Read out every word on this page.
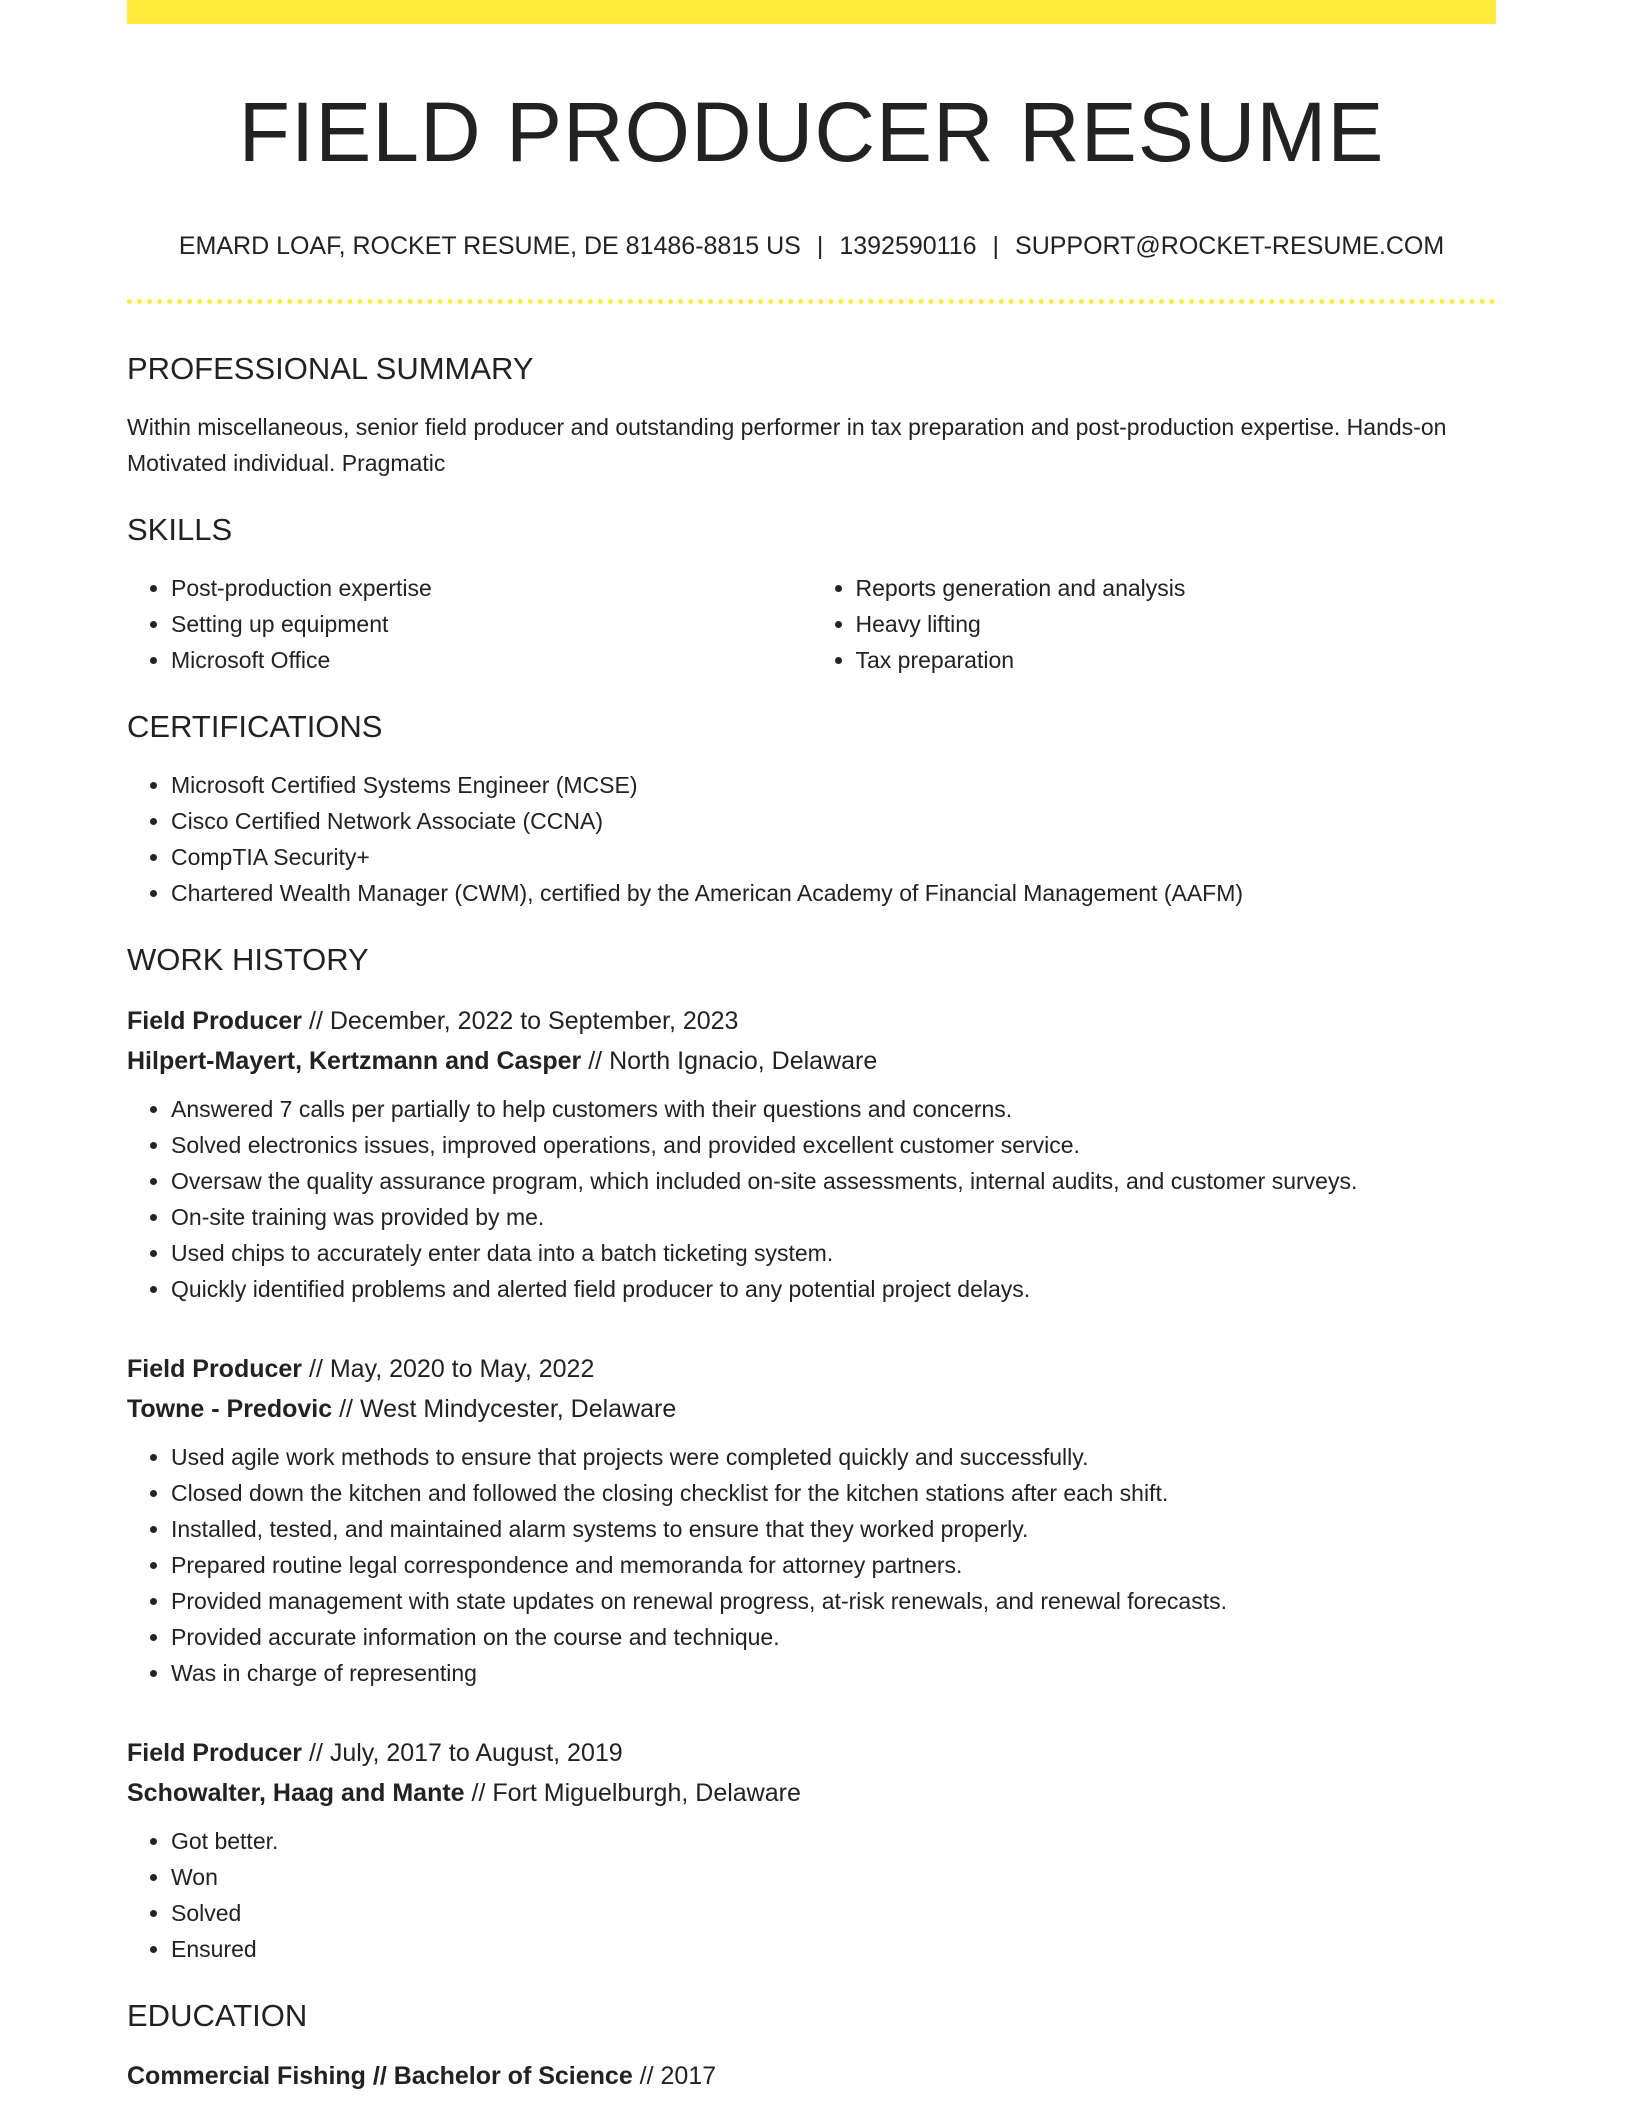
FIELD PRODUCER RESUME
EMARD LOAF, ROCKET RESUME, DE 81486-8815 US | 1392590116 | SUPPORT@ROCKET-RESUME.COM
PROFESSIONAL SUMMARY
Within miscellaneous, senior field producer and outstanding performer in tax preparation and post-production expertise. Hands-on Motivated individual. Pragmatic
SKILLS
• Post-production expertise
• Setting up equipment
• Microsoft Office
• Reports generation and analysis
• Heavy lifting
• Tax preparation
CERTIFICATIONS
• Microsoft Certified Systems Engineer (MCSE)
• Cisco Certified Network Associate (CCNA)
• CompTIA Security+
• Chartered Wealth Manager (CWM), certified by the American Academy of Financial Management (AAFM)
WORK HISTORY
Field Producer // December, 2022 to September, 2023
Hilpert-Mayert, Kertzmann and Casper // North Ignacio, Delaware
• Answered 7 calls per partially to help customers with their questions and concerns.
• Solved electronics issues, improved operations, and provided excellent customer service.
• Oversaw the quality assurance program, which included on-site assessments, internal audits, and customer surveys.
• On-site training was provided by me.
• Used chips to accurately enter data into a batch ticketing system.
• Quickly identified problems and alerted field producer to any potential project delays.
Field Producer // May, 2020 to May, 2022
Towne - Predovic // West Mindycester, Delaware
• Used agile work methods to ensure that projects were completed quickly and successfully.
• Closed down the kitchen and followed the closing checklist for the kitchen stations after each shift.
• Installed, tested, and maintained alarm systems to ensure that they worked properly.
• Prepared routine legal correspondence and memoranda for attorney partners.
• Provided management with state updates on renewal progress, at-risk renewals, and renewal forecasts.
• Provided accurate information on the course and technique.
• Was in charge of representing
Field Producer // July, 2017 to August, 2019
Schowalter, Haag and Mante // Fort Miguelburgh, Delaware
• Got better.
• Won
• Solved
• Ensured
EDUCATION
Commercial Fishing // Bachelor of Science // 2017
